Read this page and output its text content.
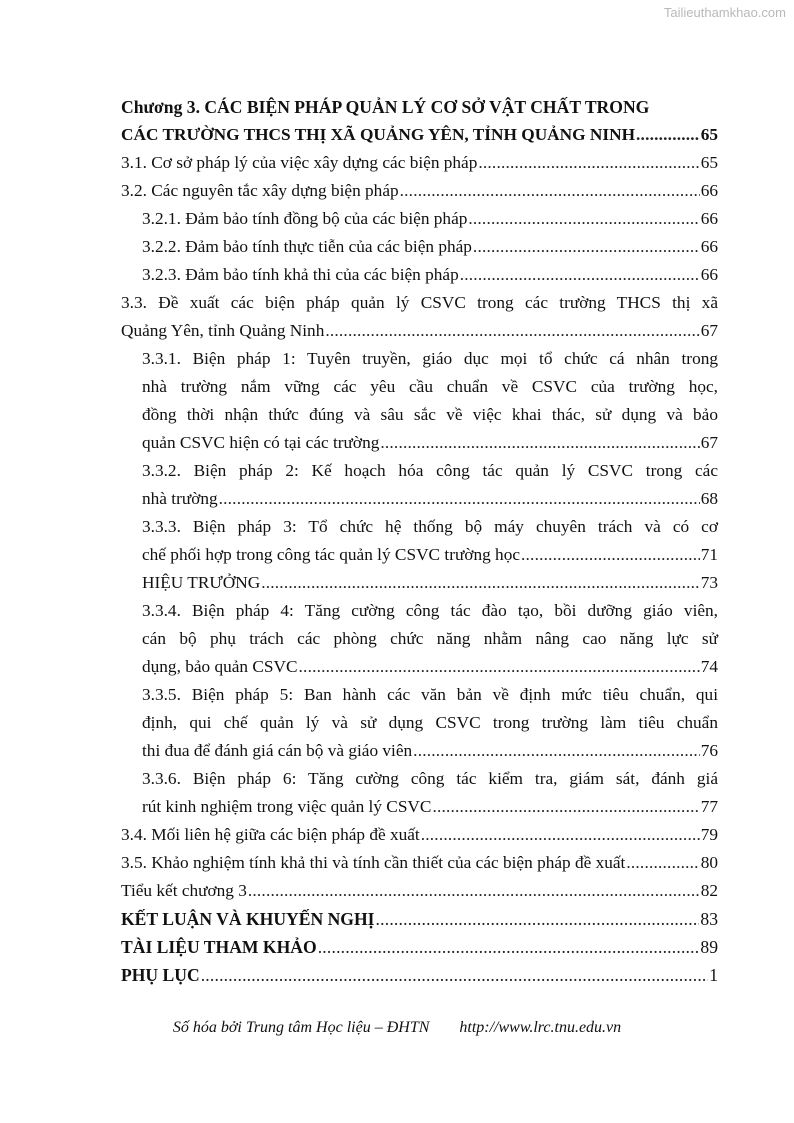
Tailieuthamkhao.com
Chương 3. CÁC BIỆN PHÁP QUẢN LÝ CƠ SỞ VẬT CHẤT TRONG
CÁC TRƯỜNG THCS THỊ XÃ QUẢNG YÊN, TỈNH QUẢNG NINH .....	65
3.1. Cơ sở pháp lý của việc xây dựng các biện pháp .....	65
3.2. Các nguyên tắc xây dựng biện pháp .....	66
3.2.1. Đảm bảo tính đồng bộ của các biện pháp .....	66
3.2.2. Đảm bảo tính thực tiễn của các biện pháp .....	66
3.2.3. Đảm bảo tính khả thi của các biện pháp .....	66
3.3. Đề xuất các biện pháp quản lý CSVC trong các trường THCS thị xã
Quảng Yên, tỉnh Quảng Ninh .....	67
3.3.1. Biện pháp 1: Tuyên truyền, giáo dục mọi tổ chức cá nhân trong
nhà trường nắm vững các yêu cầu chuẩn về CSVC của trường học,
đồng thời nhận thức đúng và sâu sắc về việc khai thác, sử dụng và bảo
quản CSVC hiện có tại các trường .....	67
3.3.2. Biện pháp 2: Kế hoạch hóa công tác quản lý CSVC trong các
nhà trường .....	68
3.3.3. Biện pháp 3: Tổ chức hệ thống bộ máy chuyên trách và có cơ
chế phối hợp trong công tác quản lý CSVC trường học .....	71
HIỆU TRƯỞNG .....	73
3.3.4. Biện pháp 4: Tăng cường công tác đào tạo, bồi dưỡng giáo viên,
cán bộ phụ trách các phòng chức năng nhằm nâng cao năng lực sử
dụng, bảo quản CSVC .....	74
3.3.5. Biện pháp 5: Ban hành các văn bản về định mức tiêu chuẩn, qui
định, qui chế quản lý và sử dụng CSVC trong trường làm tiêu chuẩn
thi đua để đánh giá cán bộ và giáo viên .....	76
3.3.6. Biện pháp 6: Tăng cường công tác kiểm tra, giám sát, đánh giá
rút kinh nghiệm trong việc quản lý CSVC .....	77
3.4. Mối liên hệ giữa các biện pháp đề xuất .....	79
3.5. Khảo nghiệm tính khả thi và tính cần thiết của các biện pháp đề xuất .....	80
Tiểu kết chương 3 .....	82
KẾT LUẬN VÀ KHUYẾN NGHỊ .....	83
TÀI LIỆU THAM KHẢO .....	89
PHỤ LỤC .....	1
Số hóa bởi Trung tâm Học liệu – ĐHTN http://www.lrc.tnu.edu.vn
